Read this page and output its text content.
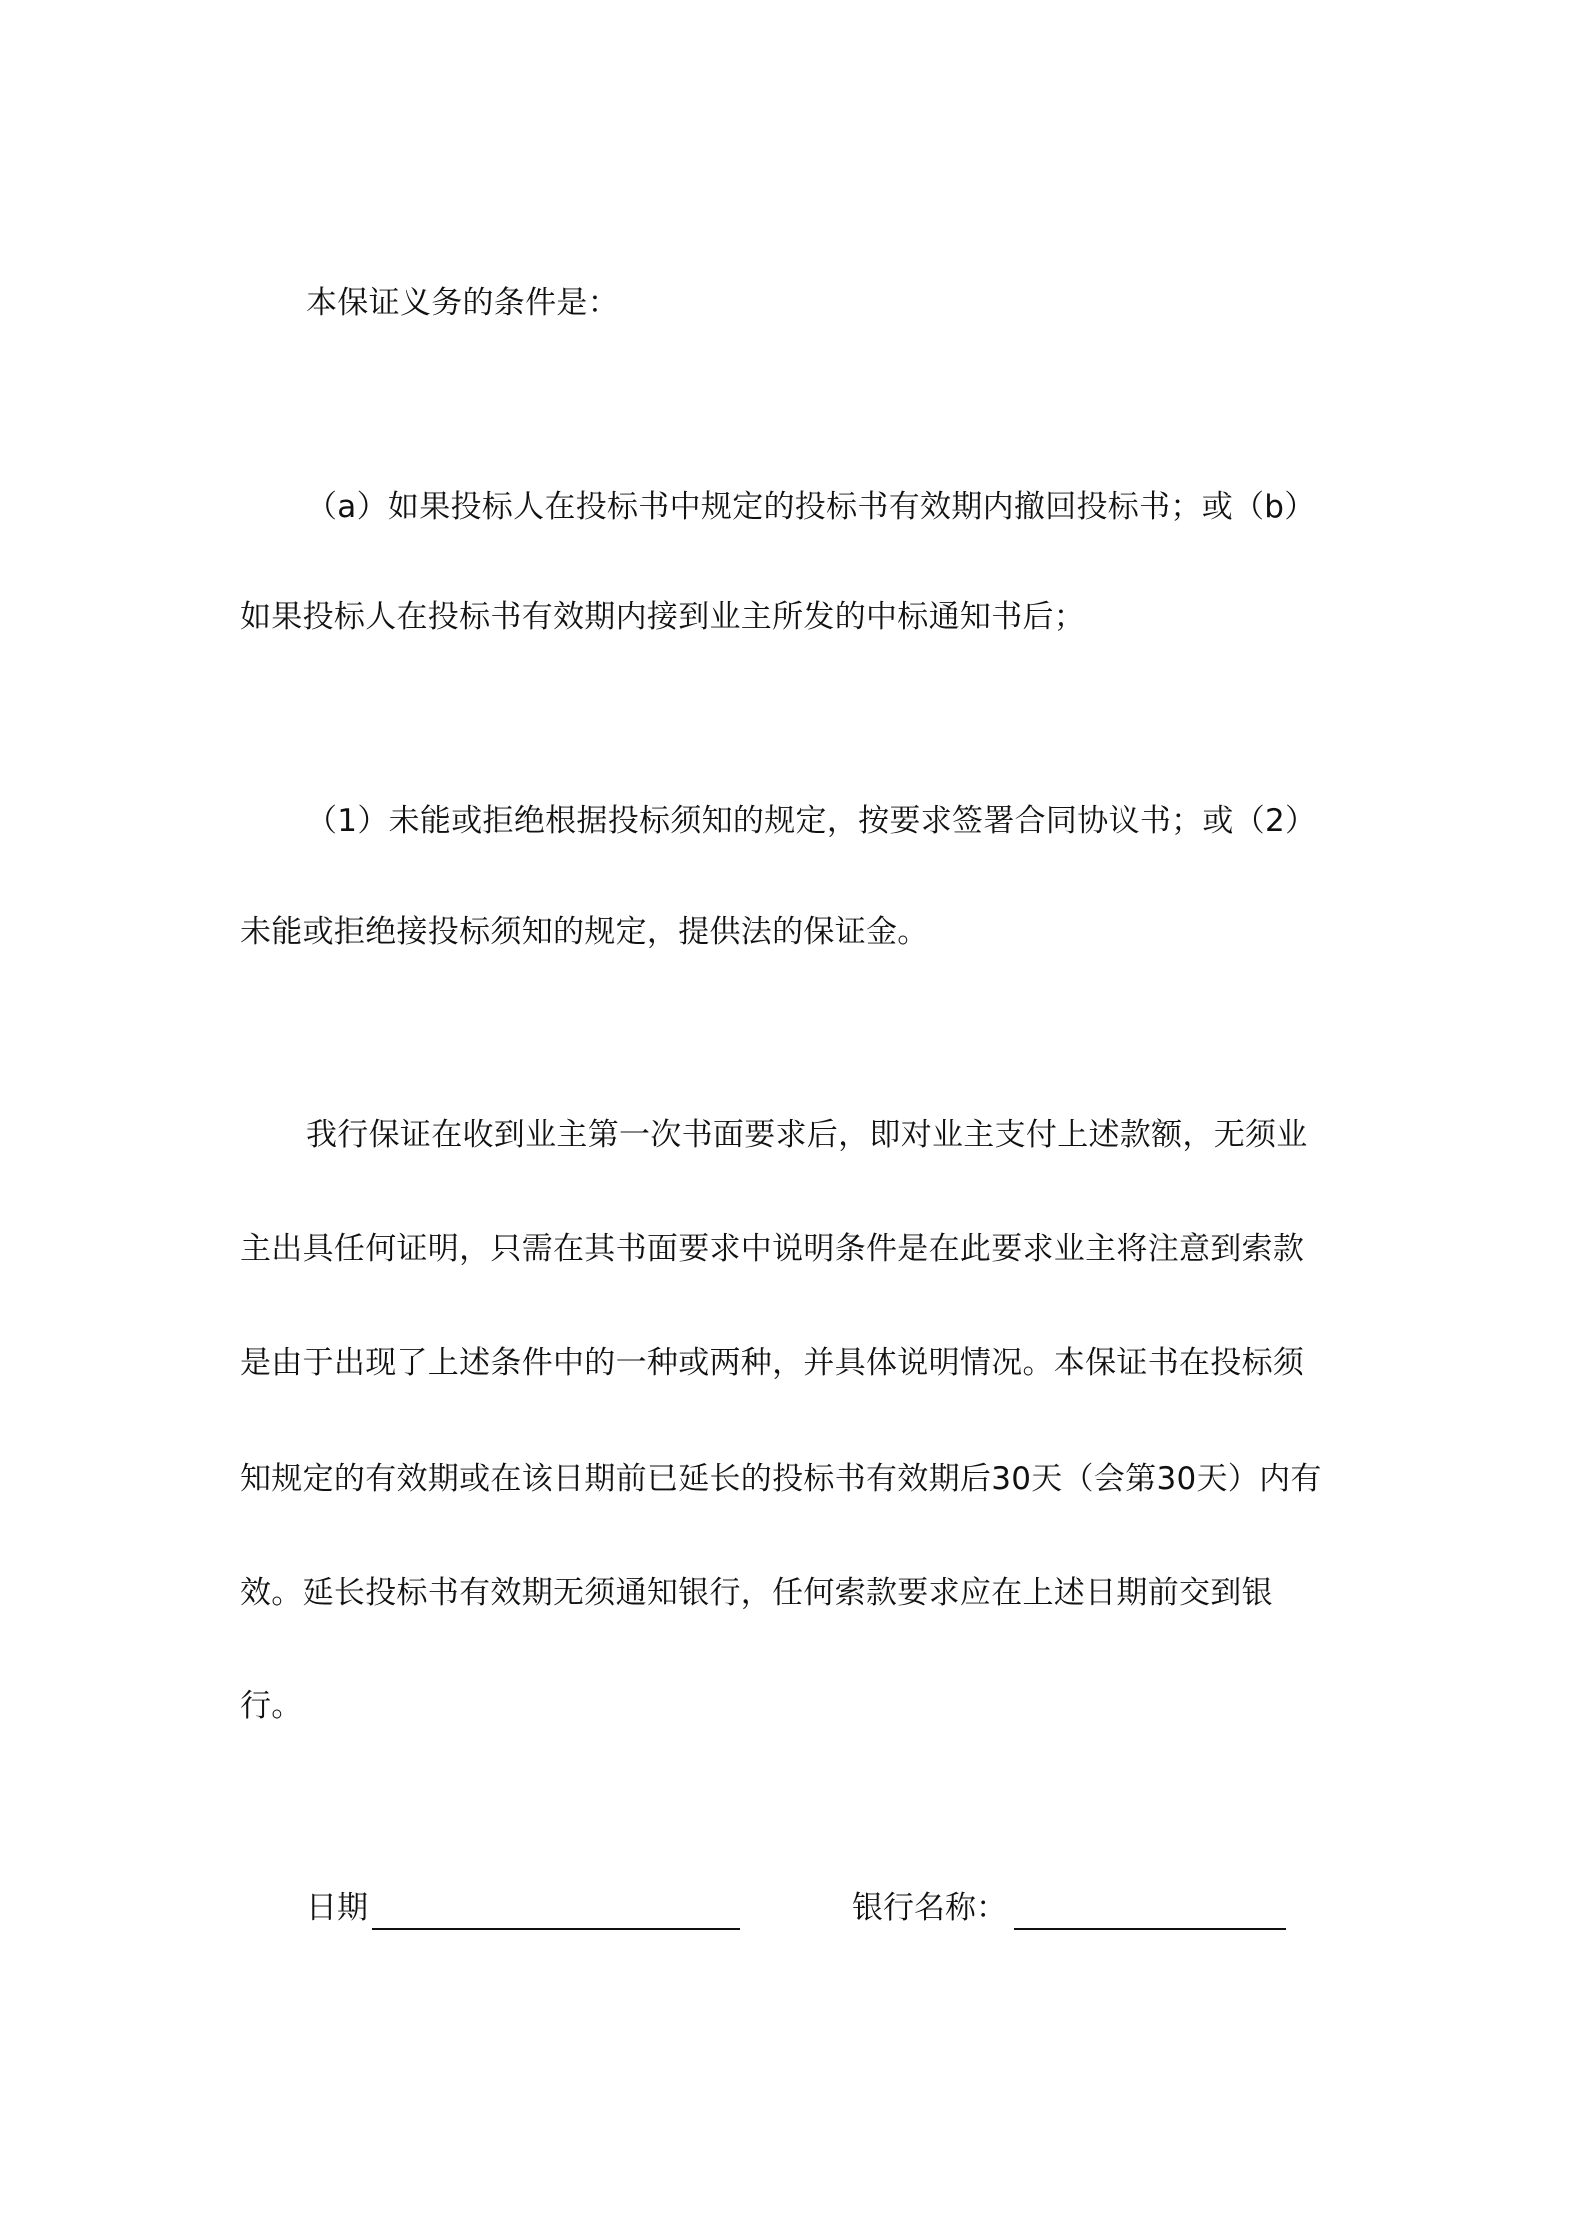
本保证义务的条件是：
（a）如果投标人在投标书中规定的投标书有效期内撤回投标书；或（b）
如果投标人在投标书有效期内接到业主所发的中标通知书后；
（1）未能或拒绝根据投标须知的规定，按要求签署合同协议书；或（2）
未能或拒绝接投标须知的规定，提供法的保证金。
我行保证在收到业主第一次书面要求后，即对业主支付上述款额，无须业
主出具任何证明，只需在其书面要求中说明条件是在此要求业主将注意到索款
是由于出现了上述条件中的一种或两种，并具体说明情况。本保证书在投标须
知规定的有效期或在该日期前已延长的投标书有效期后30天（会第30天）内有
效。延长投标书有效期无须通知银行，任何索款要求应在上述日期前交到银
行。
日期	银行名称：
